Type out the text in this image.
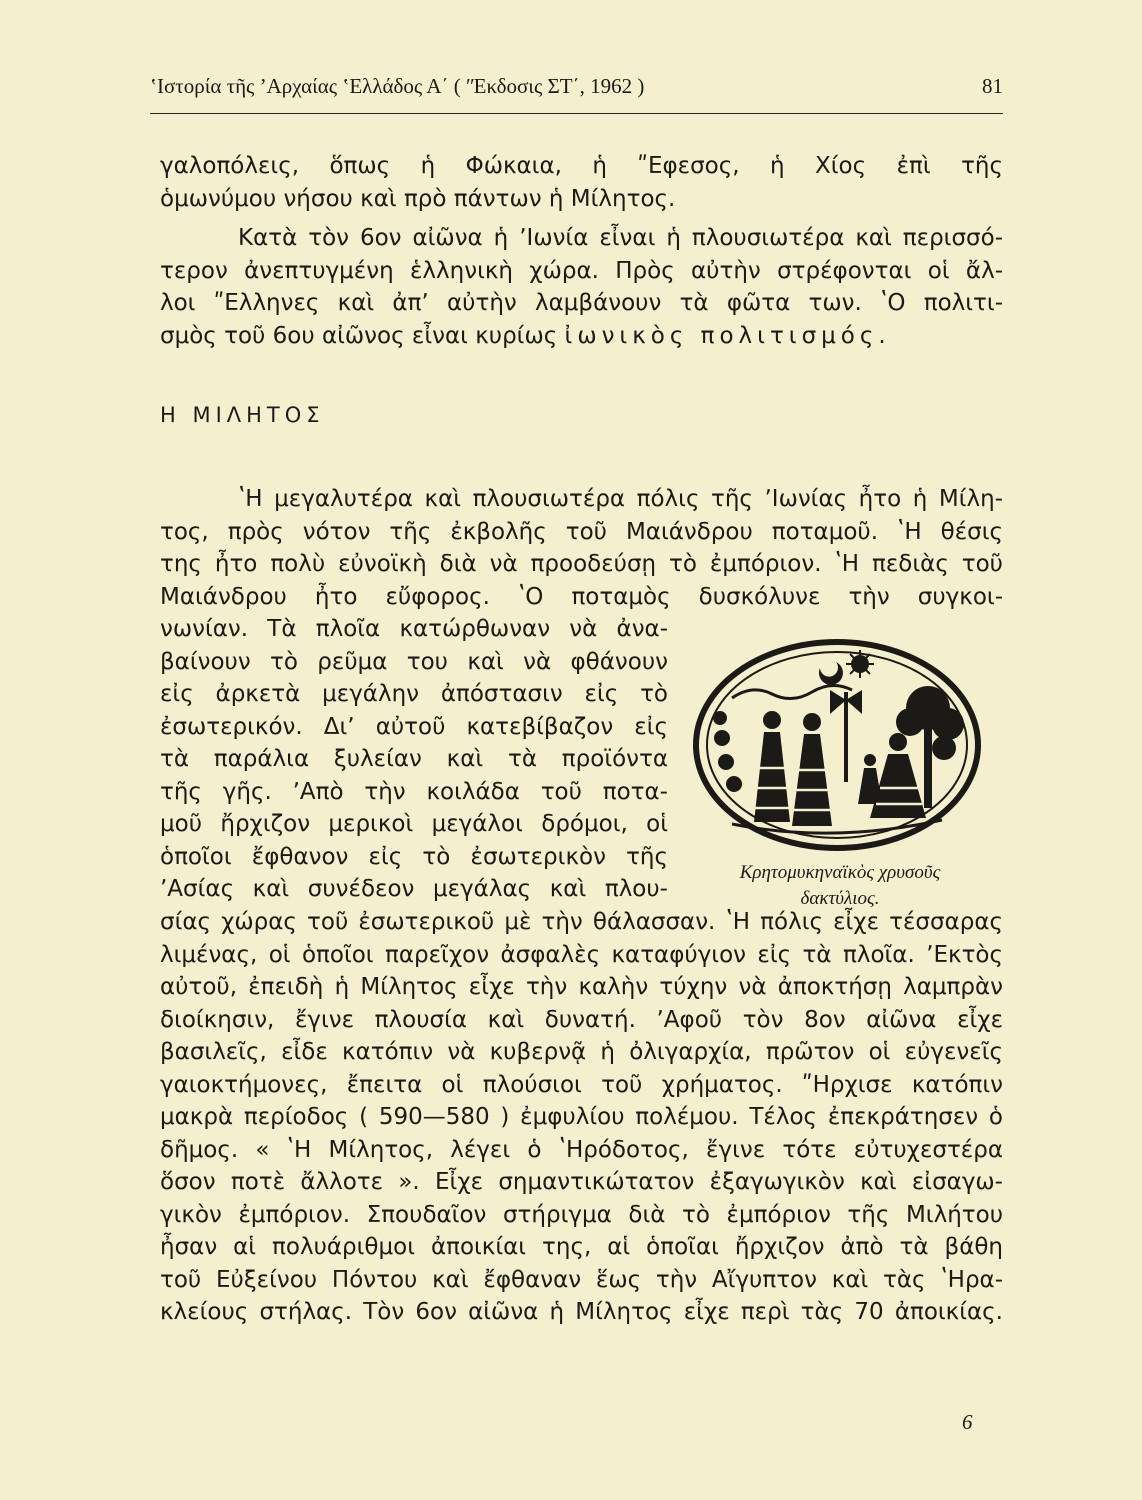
ʽΙστορία τῆς ʼΑρχαίας ʽΕλλάδος Α΄ ( ʺΕκδοσις ΣΤ΄, 1962 )	81
γαλοπόλεις, ὅπως ἡ Φώκαια, ἡ ʺΕφεσος, ἡ Χίος ἐπὶ τῆς
ὁμωνύμου νήσου καὶ πρὸ πάντων ἡ Μίλητος.
Κατὰ τὸν 6ον αἰῶνα ἡ ʼΙωνία εἶναι ἡ πλουσιωτέρα καὶ περισσό-
τερον ἀνεπτυγμένη ἑλληνικὴ χώρα. Πρὸς αὐτὴν στρέφονται οἱ ἄλ-
λοι ʺΕλληνες καὶ ἀπʼ αὐτὴν λαμβάνουν τὰ φῶτα των. ʽΟ πολιτι-
σμὸς τοῦ 6ου αἰῶνος εἶναι κυρίως ἰωνικὸς πολιτισμός.
Η ΜΙΛΗΤΟΣ
ʽΗ μεγαλυτέρα καὶ πλουσιωτέρα πόλις τῆς ʼΙωνίας ἦτο ἡ Μίλη-
τος, πρὸς νότον τῆς ἐκβολῆς τοῦ Μαιάνδρου ποταμοῦ. ʽΗ θέσις
της ἦτο πολὺ εὐνοϊκὴ διὰ νὰ προοδεύσῃ τὸ ἐμπόριον. ʽΗ πεδιὰς τοῦ
Μαιάνδρου ἦτο εὔφορος. ʽΟ ποταμὸς δυσκόλυνε τὴν συγκοι-
νωνίαν. Τὰ πλοῖα κατώρθωναν νὰ ἀνα-
βαίνουν τὸ ρεῦμα του καὶ νὰ φθάνουν
εἰς ἀρκετὰ μεγάλην ἀπόστασιν εἰς τὸ
ἐσωτερικόν. Διʼ αὐτοῦ κατεβίβαζον εἰς
τὰ παράλια ξυλείαν καὶ τὰ προϊόντα
τῆς γῆς. ʼΑπὸ τὴν κοιλάδα τοῦ ποτα-
μοῦ ἤρχιζον μερικοὶ μεγάλοι δρόμοι, οἱ
ὁποῖοι ἔφθανον εἰς τὸ ἐσωτερικὸν τῆς
ʼΑσίας καὶ συνέδεον μεγάλας καὶ πλου-
Κρητομυκηναϊκὸς χρυσοῦς
δακτύλιος.
σίας χώρας τοῦ ἐσωτερικοῦ μὲ τὴν θάλασσαν. ʽΗ πόλις εἶχε τέσσαρας
λιμένας, οἱ ὁποῖοι παρεῖχον ἀσφαλὲς καταφύγιον εἰς τὰ πλοῖα. ʼΕκτὸς
αὐτοῦ, ἐπειδὴ ἡ Μίλητος εἶχε τὴν καλὴν τύχην νὰ ἀποκτήσῃ λαμπρὰν
διοίκησιν, ἔγινε πλουσία καὶ δυνατή. ʼΑφοῦ τὸν 8ον αἰῶνα εἶχε
βασιλεῖς, εἶδε κατόπιν νὰ κυβερνᾷ ἡ ὀλιγαρχία, πρῶτον οἱ εὐγενεῖς
γαιοκτήμονες, ἔπειτα οἱ πλούσιοι τοῦ χρήματος. ʺΗρχισε κατόπιν
μακρὰ περίοδος ( 590—580 ) ἐμφυλίου πολέμου. Τέλος ἐπεκράτησεν ὁ
δῆμος. « ʽΗ Μίλητος, λέγει ὁ ʽΗρόδοτος, ἔγινε τότε εὐτυχεστέρα
ὅσον ποτὲ ἄλλοτε ». Εἶχε σημαντικώτατον ἐξαγωγικὸν καὶ εἰσαγω-
γικὸν ἐμπόριον. Σπουδαῖον στήριγμα διὰ τὸ ἐμπόριον τῆς Μιλήτου
ἦσαν αἱ πολυάριθμοι ἀποικίαι της, αἱ ὁποῖαι ἤρχιζον ἀπὸ τὰ βάθη
τοῦ Εὐξείνου Πόντου καὶ ἔφθαναν ἕως τὴν Αἴγυπτον καὶ τὰς ʽΗρα-
κλείους στήλας. Τὸν 6ον αἰῶνα ἡ Μίλητος εἶχε περὶ τὰς 70 ἀποικίας.
6
